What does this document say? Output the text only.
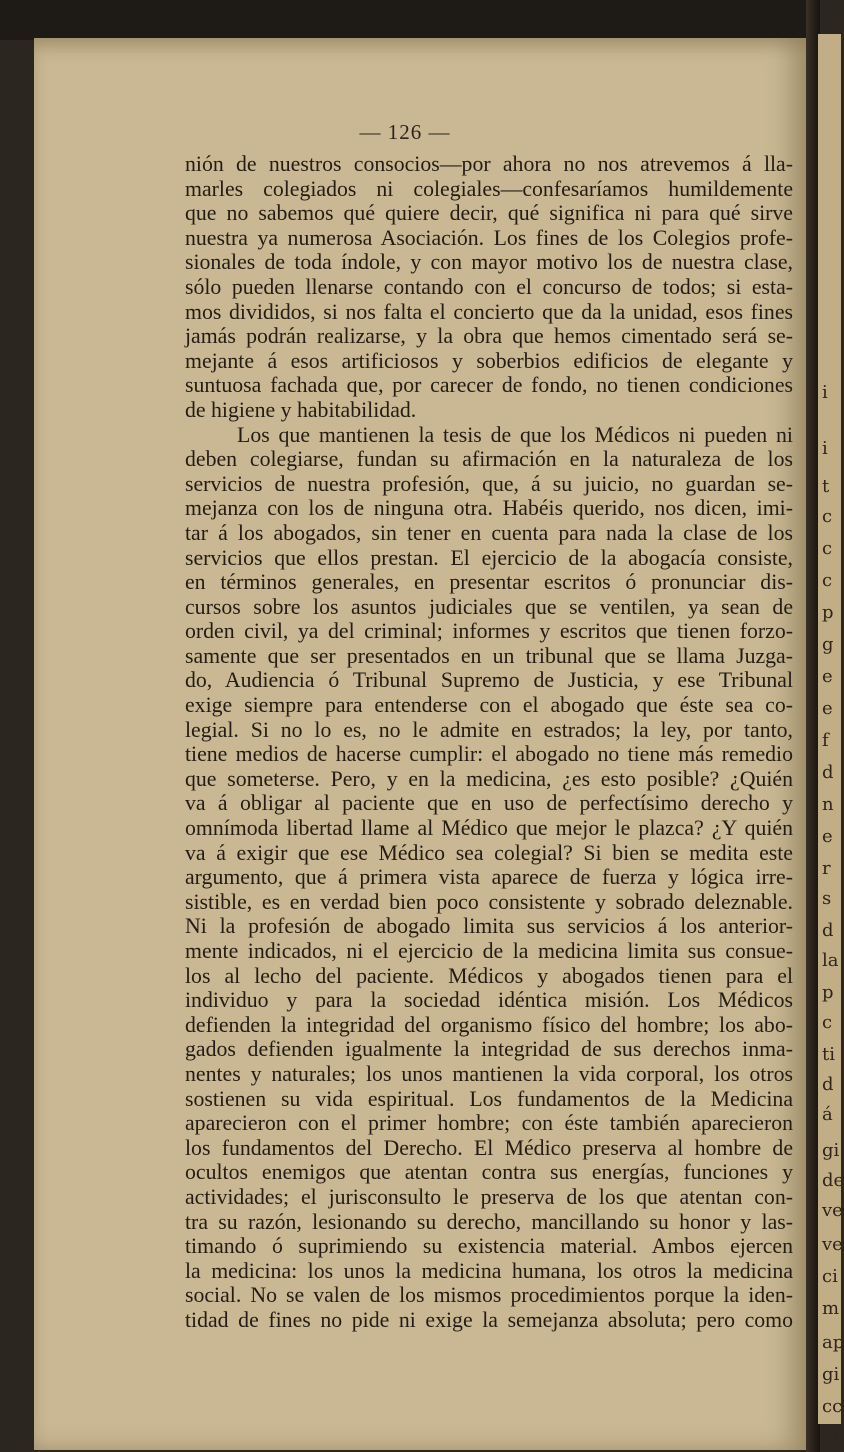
i
i
t
c
c
c
p
g
e
e
f
d
n
e
r
s
d
la
p
c
ti
d
á
gi
de
ve
ve
ci
m
ap
gi
cc
al
— 126 —
nión de nuestros consocios—por ahora no nos atrevemos á lla-
marles colegiados ni colegiales—confesaríamos humildemente
que no sabemos qué quiere decir, qué significa ni para qué sirve
nuestra ya numerosa Asociación. Los fines de los Colegios profe-
sionales de toda índole, y con mayor motivo los de nuestra clase,
sólo pueden llenarse contando con el concurso de todos; si esta-
mos divididos, si nos falta el concierto que da la unidad, esos fines
jamás podrán realizarse, y la obra que hemos cimentado será se-
mejante á esos artificiosos y soberbios edificios de elegante y
suntuosa fachada que, por carecer de fondo, no tienen condiciones
de higiene y habitabilidad.
Los que mantienen la tesis de que los Médicos ni pueden ni
deben colegiarse, fundan su afirmación en la naturaleza de los
servicios de nuestra profesión, que, á su juicio, no guardan se-
mejanza con los de ninguna otra. Habéis querido, nos dicen, imi-
tar á los abogados, sin tener en cuenta para nada la clase de los
servicios que ellos prestan. El ejercicio de la abogacía consiste,
en términos generales, en presentar escritos ó pronunciar dis-
cursos sobre los asuntos judiciales que se ventilen, ya sean de
orden civil, ya del criminal; informes y escritos que tienen forzo-
samente que ser presentados en un tribunal que se llama Juzga-
do, Audiencia ó Tribunal Supremo de Justicia, y ese Tribunal
exige siempre para entenderse con el abogado que éste sea co-
legial. Si no lo es, no le admite en estrados; la ley, por tanto,
tiene medios de hacerse cumplir: el abogado no tiene más remedio
que someterse. Pero, y en la medicina, ¿es esto posible? ¿Quién
va á obligar al paciente que en uso de perfectísimo derecho y
omnímoda libertad llame al Médico que mejor le plazca? ¿Y quién
va á exigir que ese Médico sea colegial? Si bien se medita este
argumento, que á primera vista aparece de fuerza y lógica irre-
sistible, es en verdad bien poco consistente y sobrado deleznable.
Ni la profesión de abogado limita sus servicios á los anterior-
mente indicados, ni el ejercicio de la medicina limita sus consue-
los al lecho del paciente. Médicos y abogados tienen para el
individuo y para la sociedad idéntica misión. Los Médicos
defienden la integridad del organismo físico del hombre; los abo-
gados defienden igualmente la integridad de sus derechos inma-
nentes y naturales; los unos mantienen la vida corporal, los otros
sostienen su vida espiritual. Los fundamentos de la Medicina
aparecieron con el primer hombre; con éste también aparecieron
los fundamentos del Derecho. El Médico preserva al hombre de
ocultos enemigos que atentan contra sus energías, funciones y
actividades; el jurisconsulto le preserva de los que atentan con-
tra su razón, lesionando su derecho, mancillando su honor y las-
timando ó suprimiendo su existencia material. Ambos ejercen
la medicina: los unos la medicina humana, los otros la medicina
social. No se valen de los mismos procedimientos porque la iden-
tidad de fines no pide ni exige la semejanza absoluta; pero como
